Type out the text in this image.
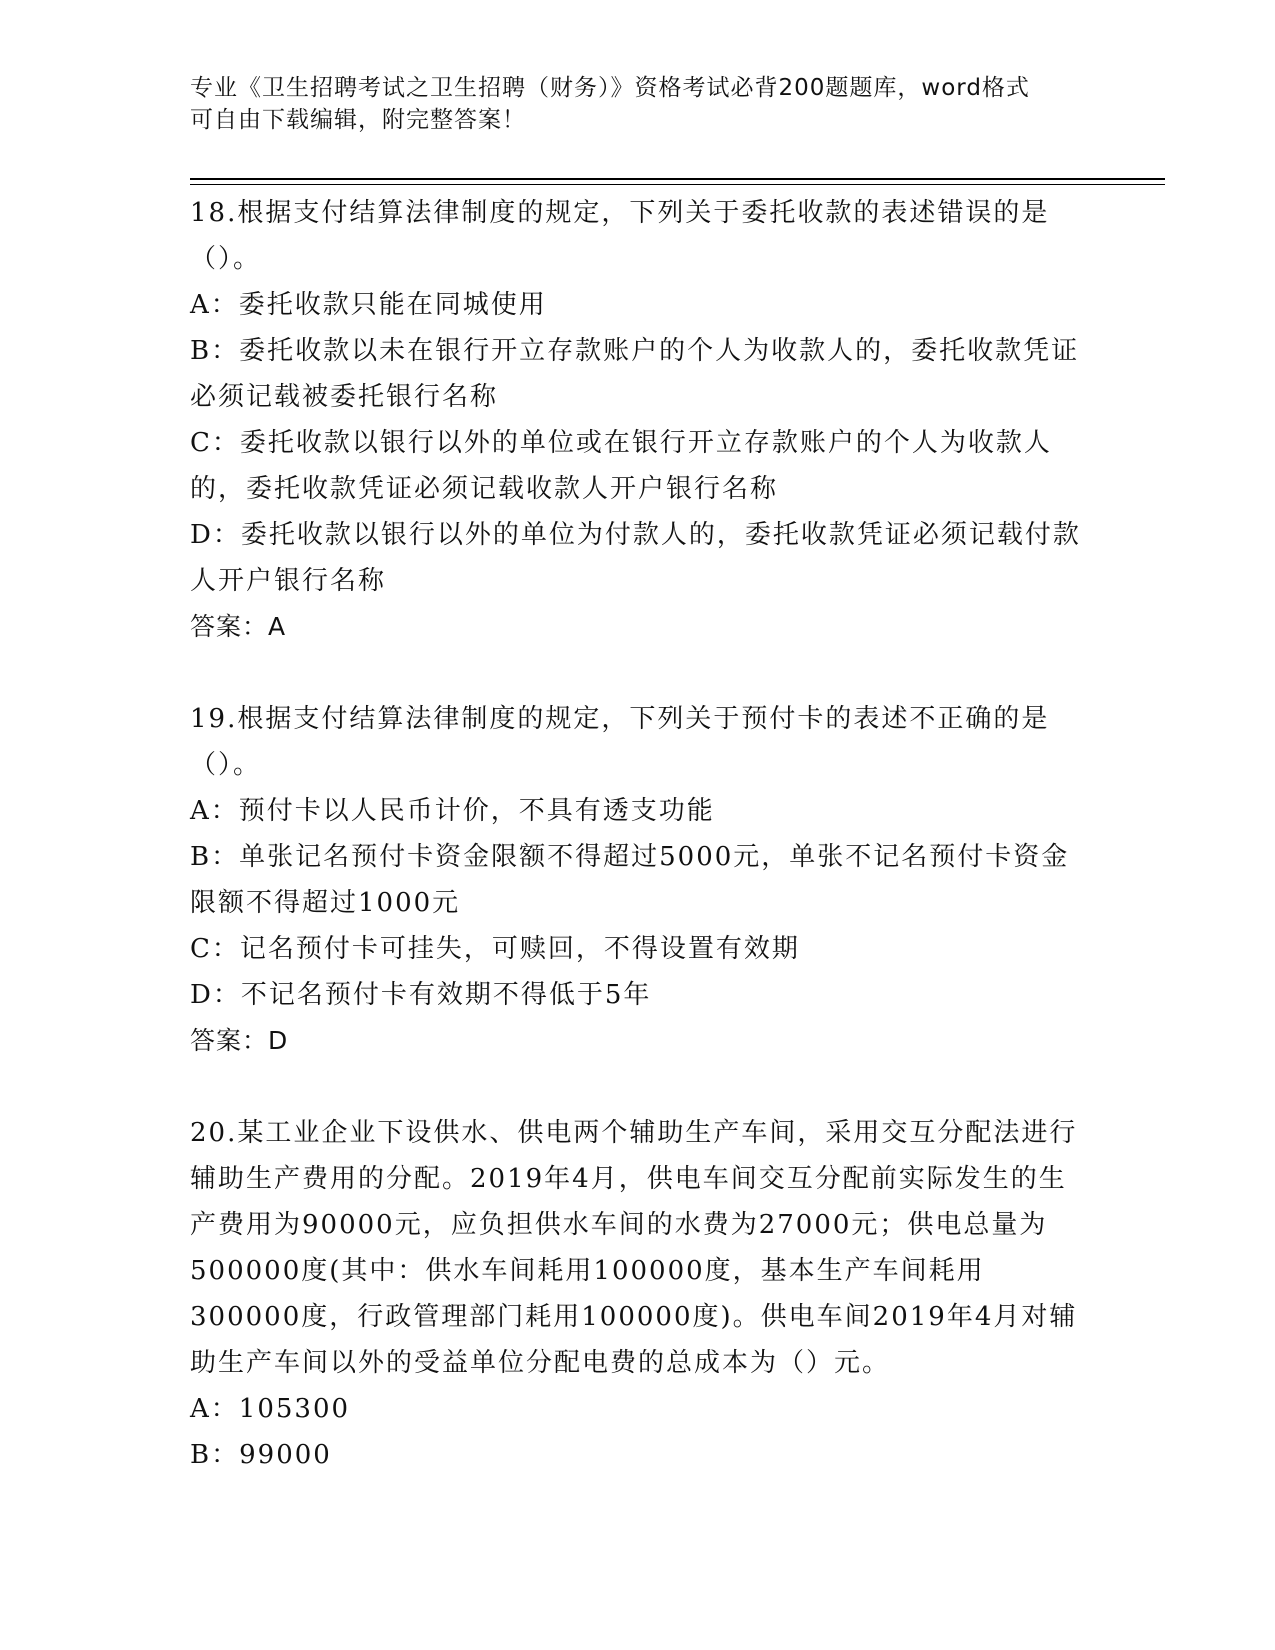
专业《卫生招聘考试之卫生招聘（财务）》资格考试必背200题题库，word格式
可自由下载编辑，附完整答案！

18.根据支付结算法律制度的规定，下列关于委托收款的表述错误的是（）。

A：委托收款只能在同城使用

B：委托收款以未在银行开立存款账户的个人为收款人的，委托收款凭证必须记载被委托银行名称

C：委托收款以银行以外的单位或在银行开立存款账户的个人为收款人的，委托收款凭证必须记载收款人开户银行名称

D：委托收款以银行以外的单位为付款人的，委托收款凭证必须记载付款人开户银行名称

答案：A

19.根据支付结算法律制度的规定，下列关于预付卡的表述不正确的是（）。

A：预付卡以人民币计价，不具有透支功能

B：单张记名预付卡资金限额不得超过5000元，单张不记名预付卡资金限额不得超过1000元

C：记名预付卡可挂失，可赎回，不得设置有效期

D：不记名预付卡有效期不得低于5年

答案：D

20.某工业企业下设供水、供电两个辅助生产车间，采用交互分配法进行辅助生产费用的分配。2019年4月，供电车间交互分配前实际发生的生产费用为90000元，应负担供水车间的水费为27000元；供电总量为500000度(其中：供水车间耗用100000度，基本生产车间耗用300000度，行政管理部门耗用100000度)。供电车间2019年4月对辅助生产车间以外的受益单位分配电费的总成本为（）元。

A：105300

B：99000
